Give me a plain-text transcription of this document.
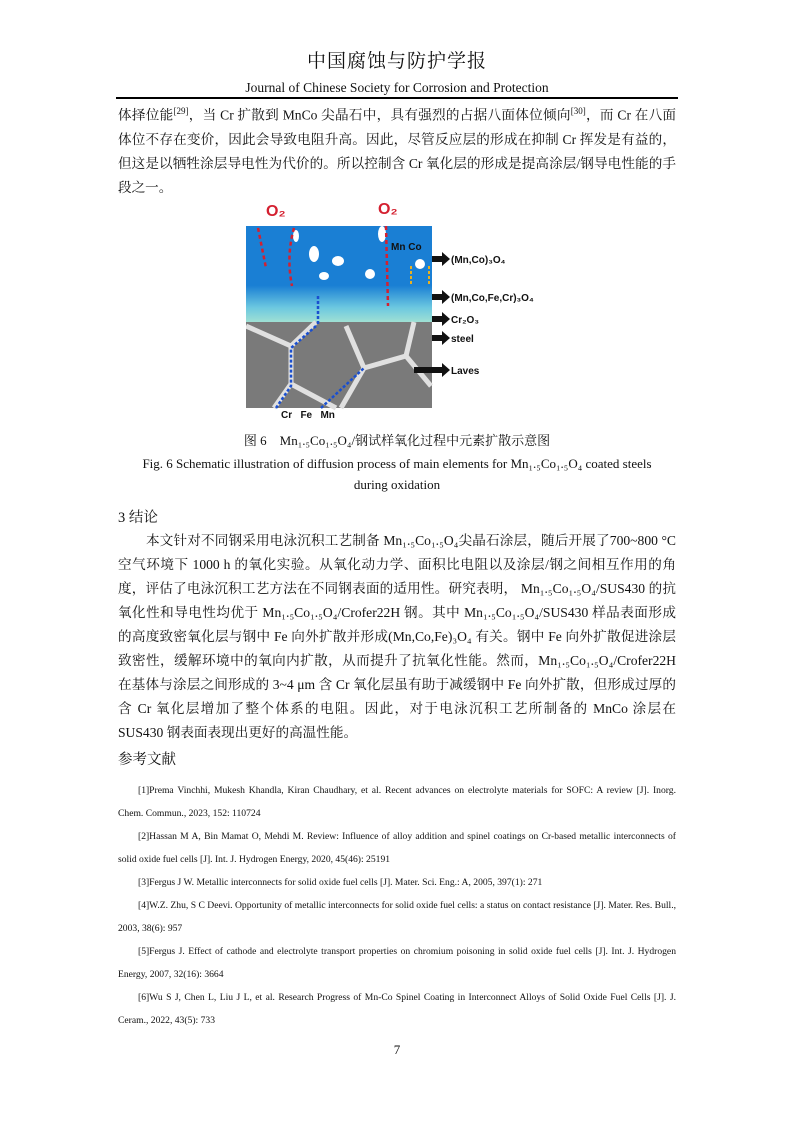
中国腐蚀与防护学报
Journal of Chinese Society for Corrosion and Protection
体择位能[29]，当 Cr 扩散到 MnCo 尖晶石中，具有强烈的占据八面体位倾向[30]，而 Cr 在八面体位不存在变价，因此会导致电阻升高。因此，尽管反应层的形成在抑制 Cr 挥发是有益的，但这是以牺牲涂层导电性为代价的。所以控制含 Cr 氧化层的形成是提高涂层/钢导电性能的手段之一。
O₂	O₂
Mn Co
(Mn,Co)₃O₄
(Mn,Co,Fe,Cr)₃O₄
Cr₂O₃
steel
Laves
Cr   Fe   Mn
图 6　Mn₁.₅Co₁.₅O₄/钢试样氧化过程中元素扩散示意图
Fig. 6 Schematic illustration of diffusion process of main elements for Mn₁.₅Co₁.₅O₄ coated steels
during oxidation
3 结论
本文针对不同钢采用电泳沉积工艺制备 Mn₁.₅Co₁.₅O₄尖晶石涂层，随后开展了700~800 °C 空气环境下 1000 h 的氧化实验。从氧化动力学、面积比电阻以及涂层/钢之间相互作用的角度，评估了电泳沉积工艺方法在不同钢表面的适用性。研究表明， Mn₁.₅Co₁.₅O₄/SUS430 的抗氧化性和导电性均优于 Mn₁.₅Co₁.₅O₄/Crofer22H 钢。其中 Mn₁.₅Co₁.₅O₄/SUS430 样品表面形成的高度致密氧化层与钢中 Fe 向外扩散并形成(Mn,Co,Fe)₃O₄ 有关。钢中 Fe 向外扩散促进涂层致密性，缓解环境中的氧向内扩散，从而提升了抗氧化性能。然而，Mn₁.₅Co₁.₅O₄/Crofer22H 在基体与涂层之间形成的 3~4 μm 含 Cr 氧化层虽有助于减缓钢中 Fe 向外扩散，但形成过厚的含 Cr 氧化层增加了整个体系的电阻。因此，对于电泳沉积工艺所制备的 MnCo 涂层在 SUS430 钢表面表现出更好的高温性能。
参考文献
[1]Prema Vinchhi, Mukesh Khandla, Kiran Chaudhary, et al. Recent advances on electrolyte materials for SOFC: A review [J]. Inorg. Chem. Commun., 2023, 152: 110724
[2]Hassan M A, Bin Mamat O, Mehdi M. Review: Influence of alloy addition and spinel coatings on Cr-based metallic interconnects of solid oxide fuel cells [J]. Int. J. Hydrogen Energy, 2020, 45(46): 25191
[3]Fergus J W. Metallic interconnects for solid oxide fuel cells [J]. Mater. Sci. Eng.: A, 2005, 397(1): 271
[4]W.Z. Zhu, S C Deevi. Opportunity of metallic interconnects for solid oxide fuel cells: a status on contact resistance [J]. Mater. Res. Bull., 2003, 38(6): 957
[5]Fergus J. Effect of cathode and electrolyte transport properties on chromium poisoning in solid oxide fuel cells [J]. Int. J. Hydrogen Energy, 2007, 32(16): 3664
[6]Wu S J, Chen L, Liu J L, et al. Research Progress of Mn-Co Spinel Coating in Interconnect Alloys of Solid Oxide Fuel Cells [J]. J. Ceram., 2022, 43(5): 733
7
